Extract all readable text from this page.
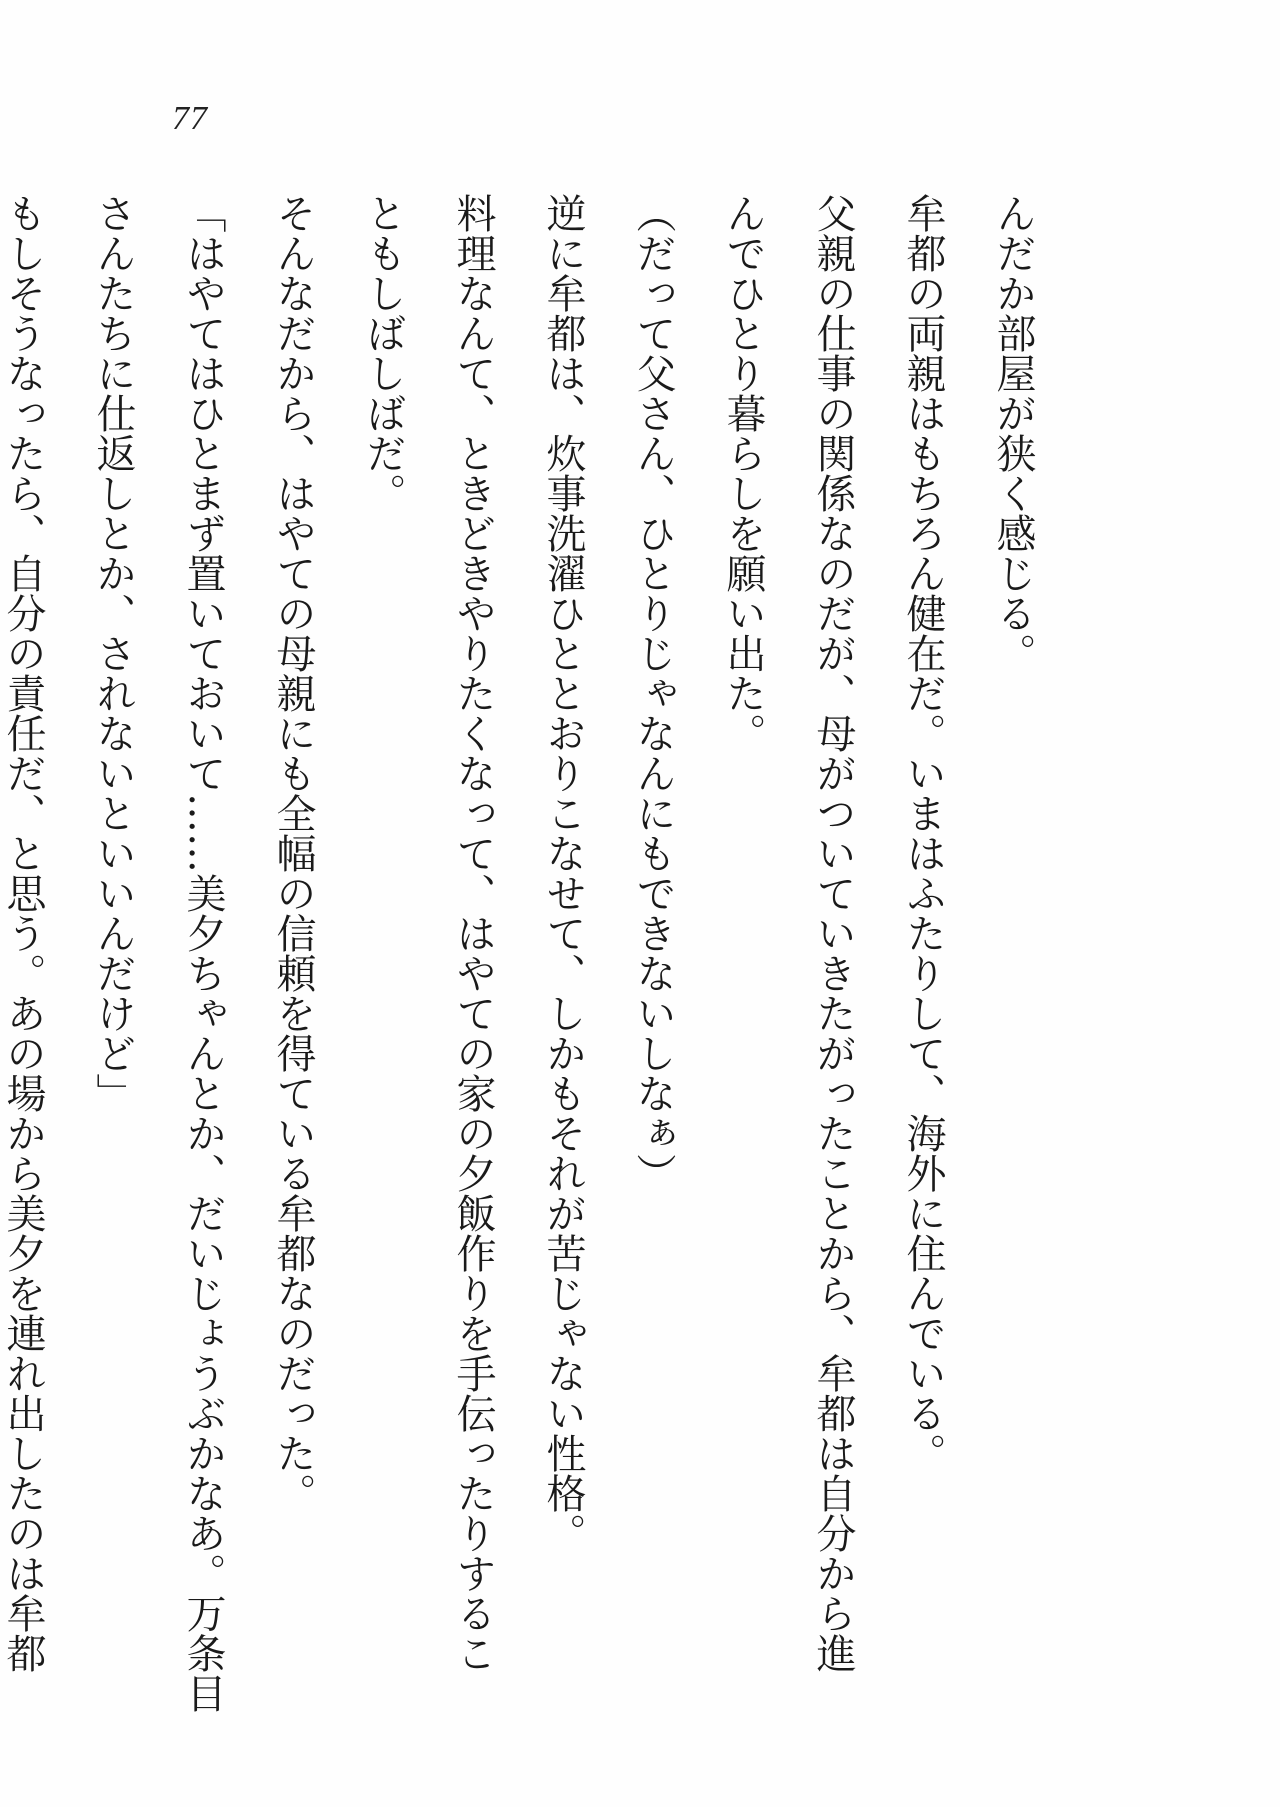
77

んだか部屋が狭く感じる。

牟都の両親はもちろん健在だ。いまはふたりして、海外に住んでいる。

父親の仕事の関係なのだが、母がついていきたがったことから、牟都は自分から進

んでひとり暮らしを願い出た。

（だって父さん、ひとりじゃなんにもできないしなぁ）

逆に牟都は、炊事洗濯ひととおりこなせて、しかもそれが苦じゃない性格。

料理なんて、ときどきやりたくなって、はやての家の夕飯作りを手伝ったりするこ

ともしばしばだ。

そんなだから、はやての母親にも全幅の信頼を得ている牟都なのだった。

「はやてはひとまず置いておいて……美夕ちゃんとか、だいじょうぶかなあ。万条目

さんたちに仕返しとか、されないといいんだけど」

もしそうなったら、自分の責任だ、と思う。あの場から美夕を連れ出したのは牟都
